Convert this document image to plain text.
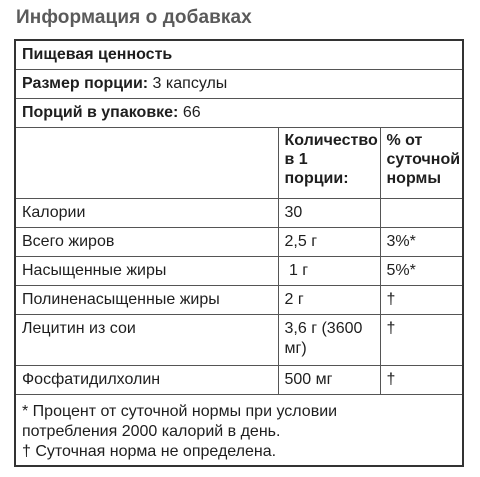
Информация о добавках
Пищевая ценность		
Размер порции: 3 капсулы		
Порций в упаковке: 66		
	Количество в 1 порции:	% от суточной нормы
Калории	30	
Всего жиров	2,5 г	3%*
Насыщенные жиры	1 г	5%*
Полиненасыщенные жиры	2 г	†
Лецитин из сои	3,6 г (3600 мг)	†
Фосфатидилхолин	500 мг	†
* Процент от суточной нормы при условии
потребления 2000 калорий в день.
† Суточная норма не определена.
